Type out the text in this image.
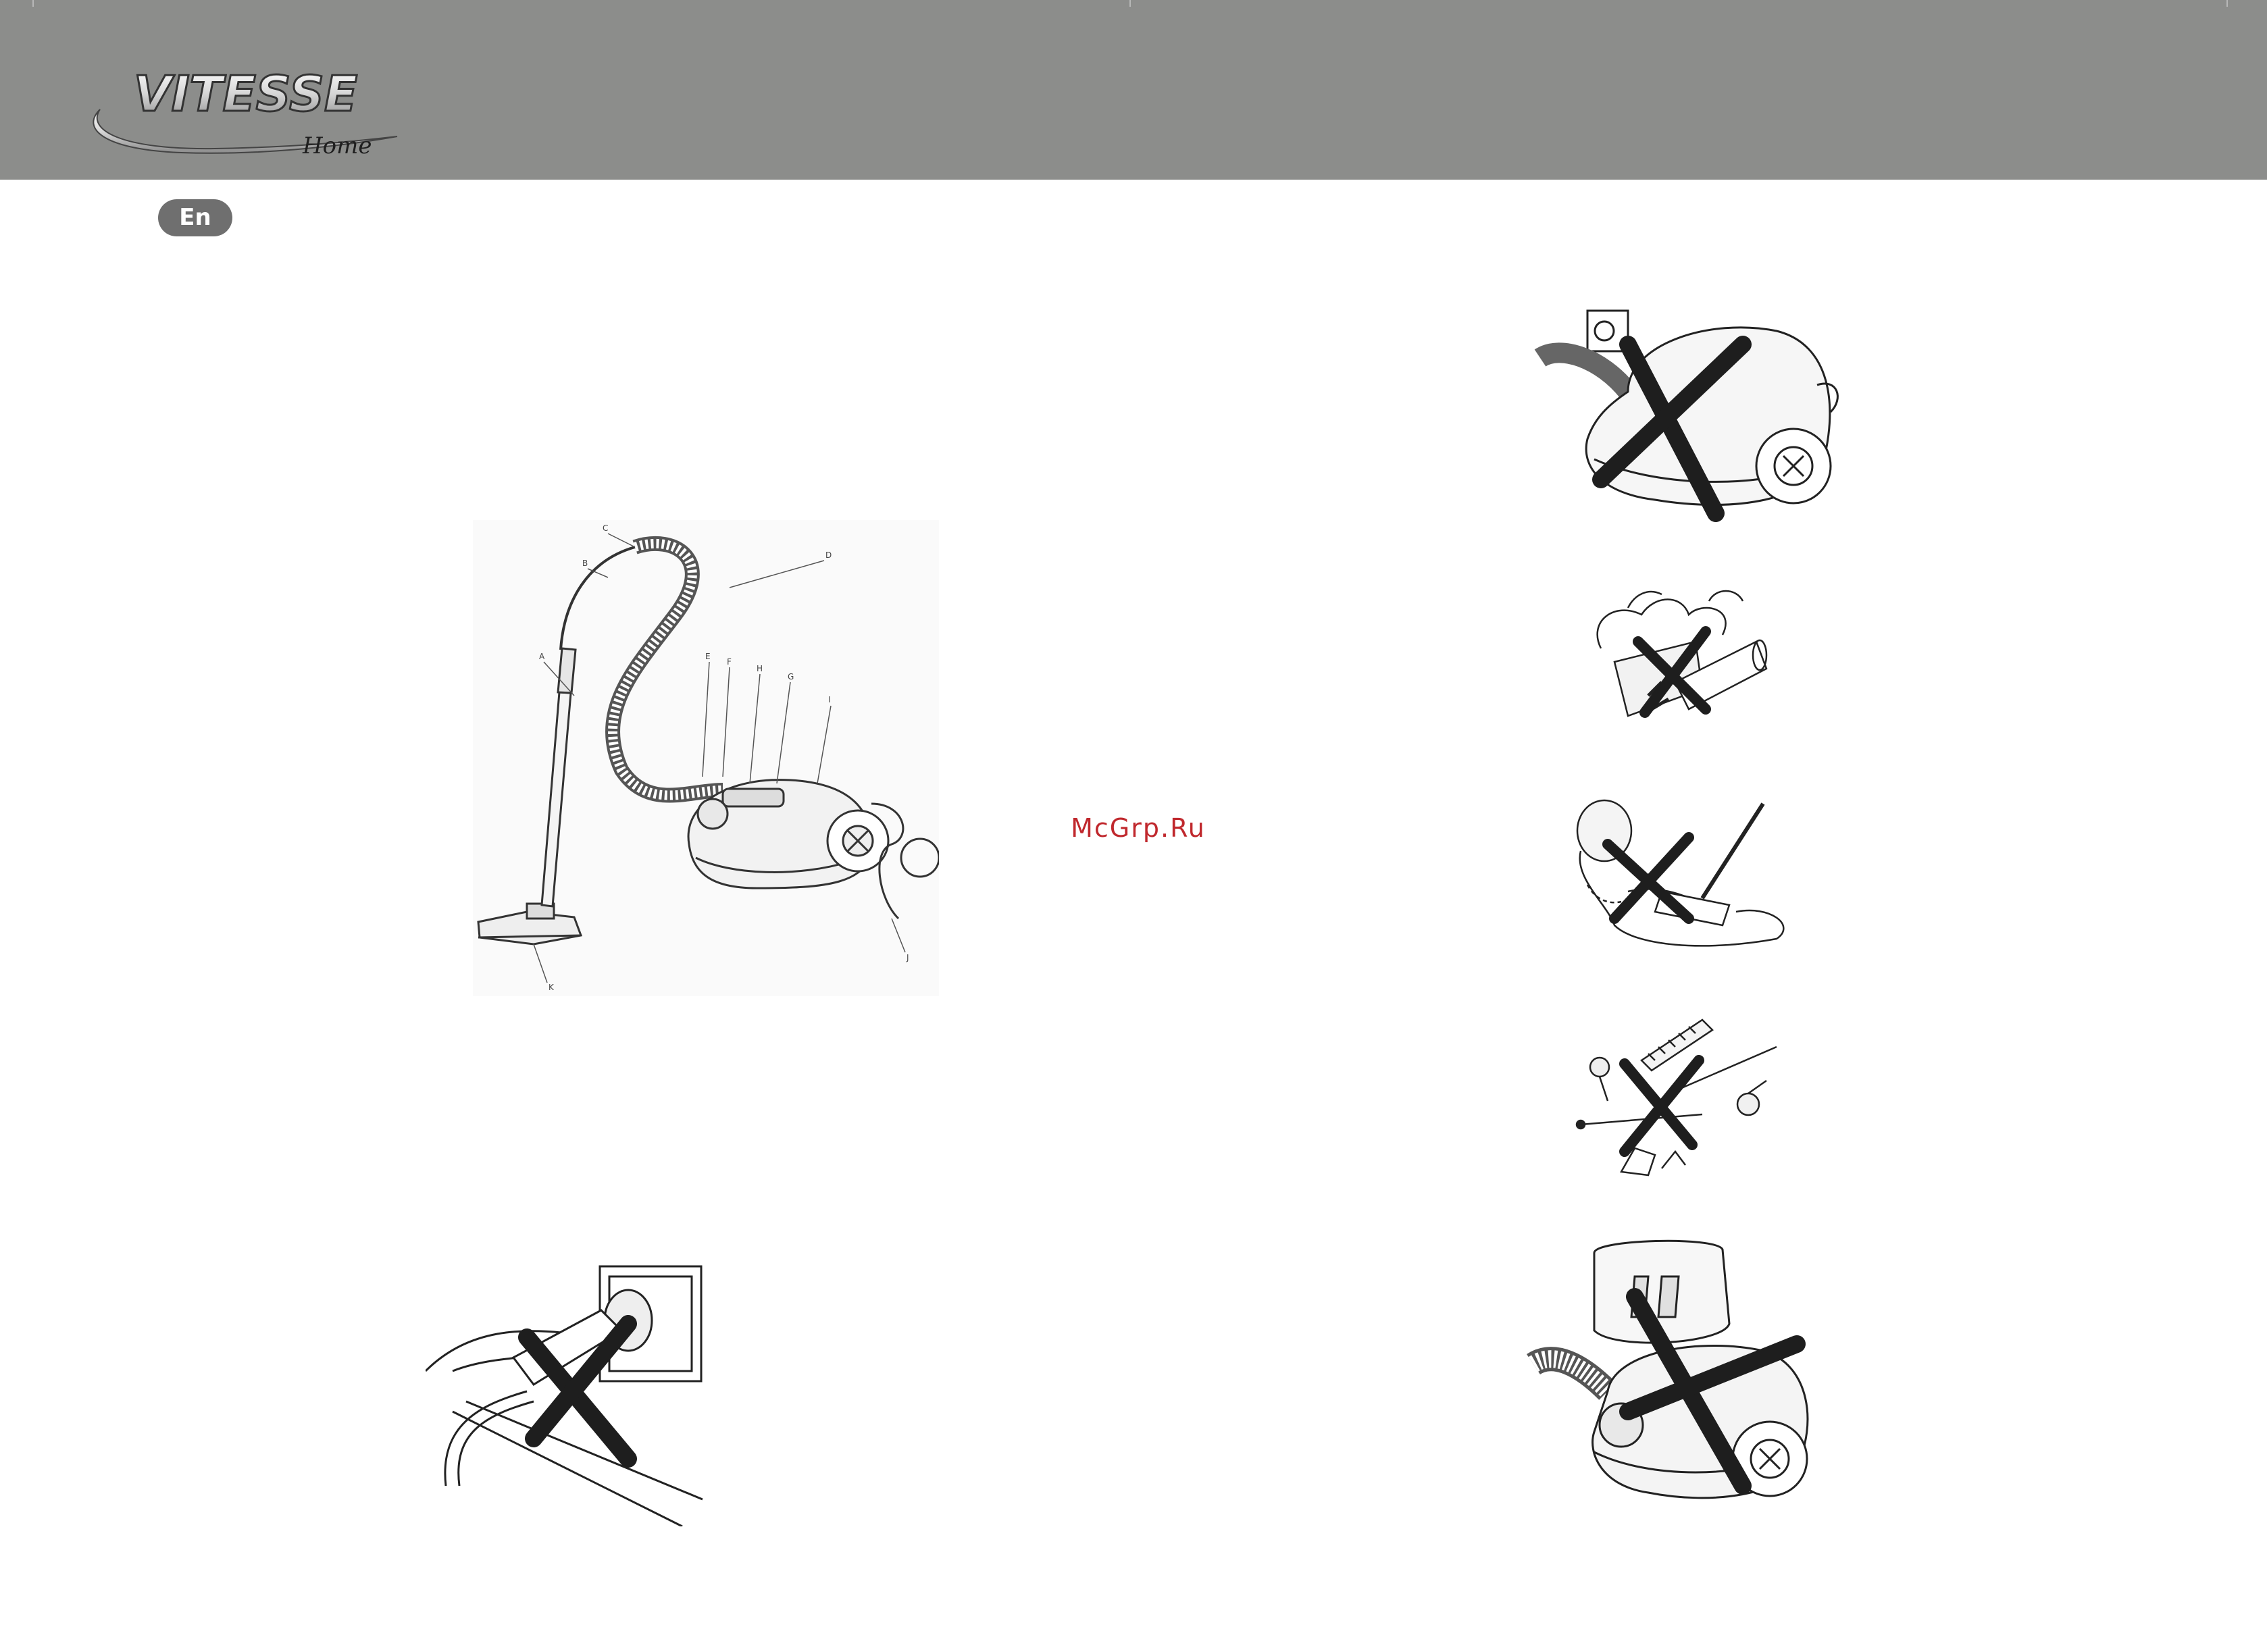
VITESSE
Home
En
McGrp.Ru
A
B
C
D
E
F
H
G
I
J
K
